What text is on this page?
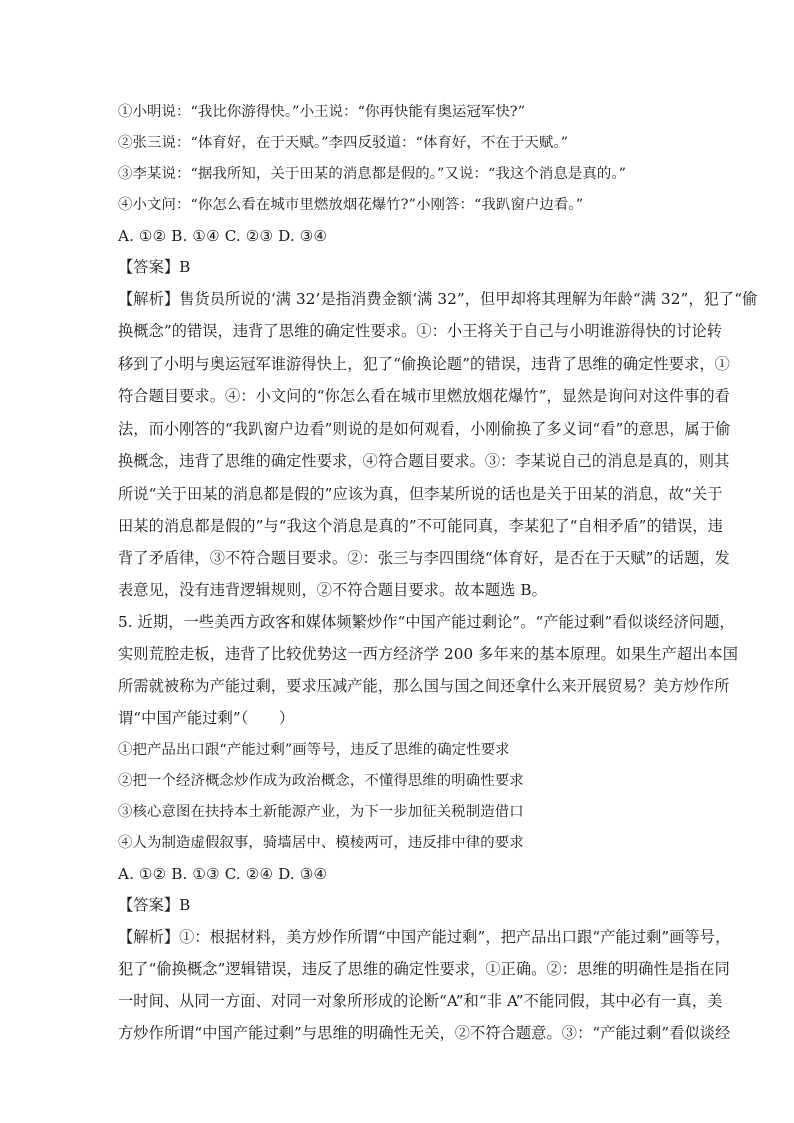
①小明说：“我比你游得快。”小王说：“你再快能有奥运冠军快?”
②张三说：“体育好，在于天赋。”李四反驳道：“体育好，不在于天赋。”
③李某说：“据我所知，关于田某的消息都是假的。”又说：“我这个消息是真的。”
④小文问：“你怎么看在城市里燃放烟花爆竹?”小刚答：“我趴窗户边看。”
A. ①② B. ①④ C. ②③ D. ③④
【答案】B
【解析】售货员所说的‘满 32’是指消费金额‘满 32”，但甲却将其理解为年龄“满 32”，犯了“偷
换概念”的错误，违背了思维的确定性要求。①：小王将关于自己与小明谁游得快的讨论转
移到了小明与奥运冠军谁游得快上，犯了“偷换论题”的错误，违背了思维的确定性要求，①
符合题目要求。④：小文问的“你怎么看在城市里燃放烟花爆竹”，显然是询问对这件事的看
法，而小刚答的“我趴窗户边看”则说的是如何观看，小刚偷换了多义词“看”的意思，属于偷
换概念，违背了思维的确定性要求，④符合题目要求。③：李某说自己的消息是真的，则其
所说“关于田某的消息都是假的”应该为真，但李某所说的话也是关于田某的消息，故“关于
田某的消息都是假的”与“我这个消息是真的”不可能同真，李某犯了“自相矛盾”的错误，违
背了矛盾律，③不符合题目要求。②：张三与李四围绕“体育好，是否在于天赋”的话题，发
表意见，没有违背逻辑规则，②不符合题目要求。故本题选 B。
5. 近期，一些美西方政客和媒体频繁炒作“中国产能过剩论”。“产能过剩”看似谈经济问题，
实则荒腔走板，违背了比较优势这一西方经济学 200 多年来的基本原理。如果生产超出本国
所需就被称为产能过剩，要求压减产能，那么国与国之间还拿什么来开展贸易？美方炒作所
谓“中国产能过剩”（　　）
①把产品出口跟“产能过剩”画等号，违反了思维的确定性要求
②把一个经济概念炒作成为政治概念，不懂得思维的明确性要求
③核心意图在扶持本土新能源产业，为下一步加征关税制造借口
④人为制造虚假叙事，骑墙居中、模棱两可，违反排中律的要求
A. ①② B. ①③ C. ②④ D. ③④
【答案】B
【解析】①：根据材料，美方炒作所谓“中国产能过剩”，把产品出口跟“产能过剩”画等号，
犯了“偷换概念”逻辑错误，违反了思维的确定性要求，①正确。②：思维的明确性是指在同
一时间、从同一方面、对同一对象所形成的论断“A”和“非 A”不能同假，其中必有一真，美
方炒作所谓“中国产能过剩”与思维的明确性无关，②不符合题意。③：“产能过剩”看似谈经
